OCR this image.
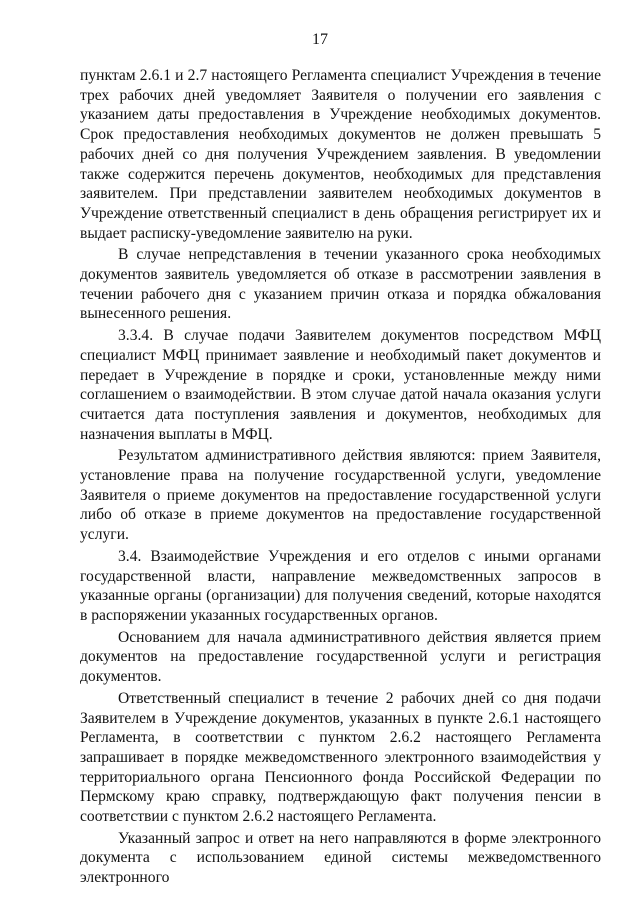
17

пунктам 2.6.1 и 2.7 настоящего Регламента специалист Учреждения в течение трех рабочих дней уведомляет Заявителя о получении его заявления с указанием даты предоставления в Учреждение необходимых документов. Срок предоставления необходимых документов не должен превышать 5 рабочих дней со дня получения Учреждением заявления. В уведомлении также содержится перечень документов, необходимых для представления заявителем. При представлении заявителем необходимых документов в Учреждение ответственный специалист в день обращения регистрирует их и выдает расписку-уведомление заявителю на руки.

В случае непредставления в течении указанного срока необходимых документов заявитель уведомляется об отказе в рассмотрении заявления в течении рабочего дня с указанием причин отказа и порядка обжалования вынесенного решения.

3.3.4. В случае подачи Заявителем документов посредством МФЦ специалист МФЦ принимает заявление и необходимый пакет документов и передает в Учреждение в порядке и сроки, установленные между ними соглашением о взаимодействии. В этом случае датой начала оказания услуги считается дата поступления заявления и документов, необходимых для назначения выплаты в МФЦ.

Результатом административного действия являются: прием Заявителя, установление права на получение государственной услуги, уведомление Заявителя о приеме документов на предоставление государственной услуги либо об отказе в приеме документов на предоставление государственной услуги.

3.4. Взаимодействие Учреждения и его отделов с иными органами государственной власти, направление межведомственных запросов в указанные органы (организации) для получения сведений, которые находятся в распоряжении указанных государственных органов.

Основанием для начала административного действия является прием документов на предоставление государственной услуги и регистрация документов.

Ответственный специалист в течение 2 рабочих дней со дня подачи Заявителем в Учреждение документов, указанных в пункте 2.6.1 настоящего Регламента, в соответствии с пунктом 2.6.2 настоящего Регламента запрашивает в порядке межведомственного электронного взаимодействия у территориального органа Пенсионного фонда Российской Федерации по Пермскому краю справку, подтверждающую факт получения пенсии в соответствии с пунктом 2.6.2 настоящего Регламента.

Указанный запрос и ответ на него направляются в форме электронного документа с использованием единой системы межведомственного электронного
